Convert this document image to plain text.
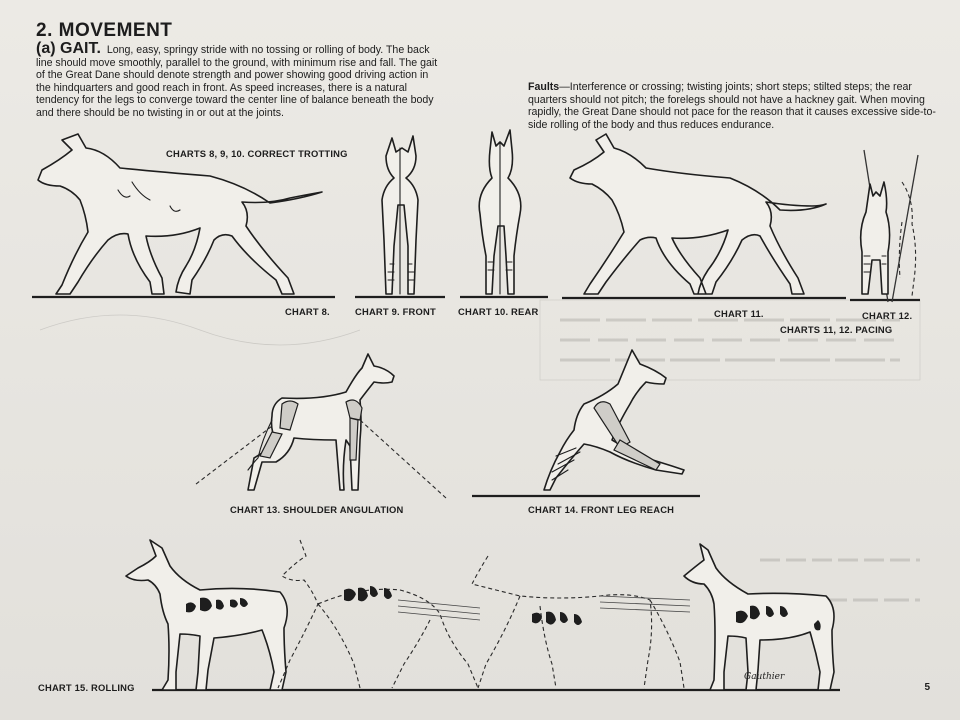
2. MOVEMENT

(a) GAIT. Long, easy, springy stride with no tossing or rolling of body. The back line should move smoothly, parallel to the ground, with minimum rise and fall. The gait of the Great Dane should denote strength and power showing good driving action in the hindquarters and good reach in front. As speed increases, there is a natural tendency for the legs to converge toward the center line of balance beneath the body and there should be no twisting in or out at the joints.

Faults—Interference or crossing; twisting joints; short steps; stilted steps; the rear quarters should not pitch; the forelegs should not have a hackney gait. When moving rapidly, the Great Dane should not pace for the reason that it causes excessive side-to-side rolling of the body and thus reduces endurance.

CHARTS 8, 9, 10. CORRECT TROTTING
CHART 8.	CHART 9. FRONT CHART 10. REAR	CHART 11.	CHART 12.
CHARTS 11, 12. PACING
CHART 13. SHOULDER ANGULATION	CHART 14. FRONT LEG REACH
CHART 15. ROLLING
Gauthier
5
